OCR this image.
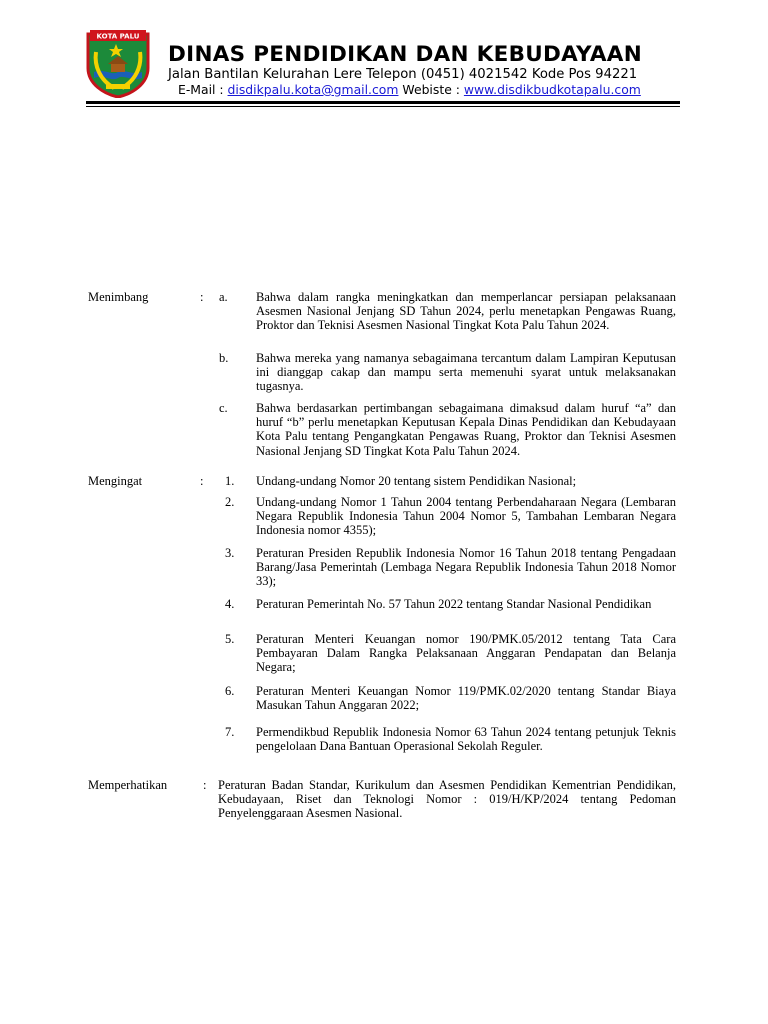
KOTA PALU
DINAS PENDIDIKAN DAN KEBUDAYAAN
Jalan Bantilan Kelurahan Lere Telepon (0451) 4021542 Kode Pos 94221
E-Mail : disdikpalu.kota@gmail.com Webiste : www.disdikbudkotapalu.com
Menimbang	:	a.	Bahwa dalam rangka meningkatkan dan memperlancar persiapan pelaksanaan Asesmen Nasional Jenjang SD Tahun 2024, perlu menetapkan Pengawas Ruang, Proktor dan Teknisi Asesmen Nasional Tingkat Kota Palu Tahun 2024.
b.	Bahwa mereka yang namanya sebagaimana tercantum dalam Lampiran Keputusan ini dianggap cakap dan mampu serta memenuhi syarat untuk melaksanakan tugasnya.
c.	Bahwa berdasarkan pertimbangan sebagaimana dimaksud dalam huruf “a” dan huruf “b” perlu menetapkan Keputusan Kepala Dinas Pendidikan dan Kebudayaan Kota Palu tentang Pengangkatan Pengawas Ruang, Proktor dan Teknisi Asesmen Nasional Jenjang SD Tingkat Kota Palu Tahun 2024.
Mengingat	:	1.	Undang-undang Nomor 20 tentang sistem Pendidikan Nasional;
2.	Undang-undang Nomor 1 Tahun 2004 tentang Perbendaharaan Negara (Lembaran Negara Republik Indonesia Tahun 2004 Nomor 5, Tambahan Lembaran Negara Indonesia nomor 4355);
3.	Peraturan Presiden Republik Indonesia Nomor 16 Tahun 2018 tentang Pengadaan Barang/Jasa Pemerintah (Lembaga Negara Republik Indonesia Tahun 2018 Nomor 33);
4.	Peraturan Pemerintah No. 57 Tahun 2022 tentang Standar Nasional Pendidikan
5.	Peraturan Menteri Keuangan nomor 190/PMK.05/2012 tentang Tata Cara Pembayaran Dalam Rangka Pelaksanaan Anggaran Pendapatan dan Belanja Negara;
6.	Peraturan Menteri Keuangan Nomor 119/PMK.02/2020 tentang Standar Biaya Masukan Tahun Anggaran 2022;
7.	Permendikbud Republik Indonesia Nomor 63 Tahun 2024 tentang petunjuk Teknis pengelolaan Dana Bantuan Operasional Sekolah Reguler.
Memperhatikan	: Peraturan Badan Standar, Kurikulum dan Asesmen Pendidikan Kementrian Pendidikan, Kebudayaan, Riset dan Teknologi Nomor : 019/H/KP/2024 tentang Pedoman Penyelenggaraan Asesmen Nasional.
